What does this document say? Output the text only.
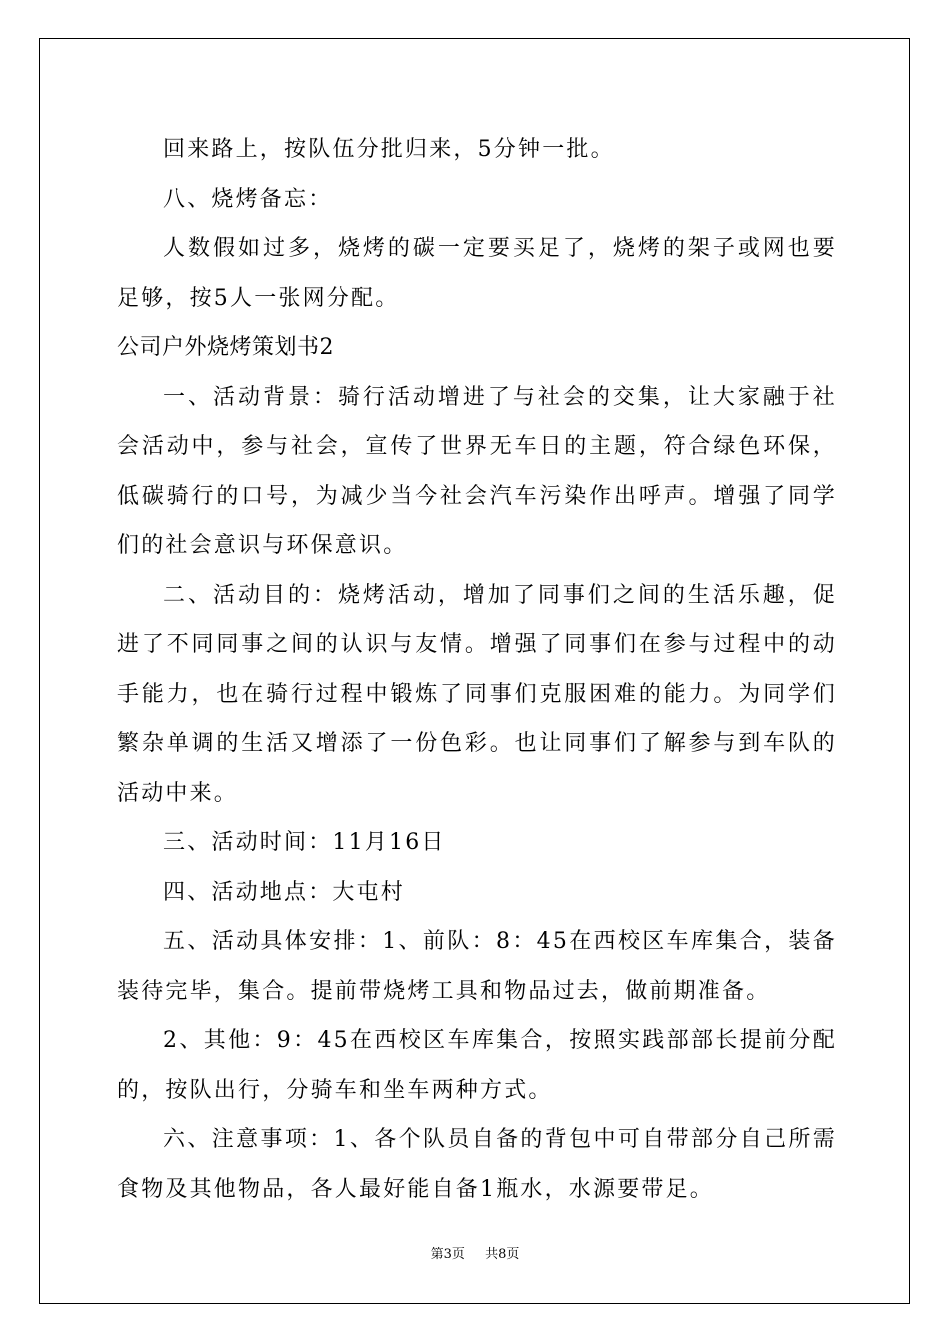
回来路上，按队伍分批归来，5分钟一批。

八、烧烤备忘：

人数假如过多，烧烤的碳一定要买足了，烧烤的架子或网也要足够，按5人一张网分配。

公司户外烧烤策划书2

一、活动背景：骑行活动增进了与社会的交集，让大家融于社会活动中，参与社会，宣传了世界无车日的主题，符合绿色环保，低碳骑行的口号，为减少当今社会汽车污染作出呼声。增强了同学们的社会意识与环保意识。

二、活动目的：烧烤活动，增加了同事们之间的生活乐趣，促进了不同同事之间的认识与友情。增强了同事们在参与过程中的动手能力，也在骑行过程中锻炼了同事们克服困难的能力。为同学们繁杂单调的生活又增添了一份色彩。也让同事们了解参与到车队的活动中来。

三、活动时间：11月16日

四、活动地点：大屯村

五、活动具体安排：1、前队：8：45在西校区车库集合，装备装待完毕，集合。提前带烧烤工具和物品过去，做前期准备。

2、其他：9：45在西校区车库集合，按照实践部部长提前分配的，按队出行，分骑车和坐车两种方式。

六、注意事项：1、各个队员自备的背包中可自带部分自己所需食物及其他物品，各人最好能自备1瓶水，水源要带足。

第3页 共8页
